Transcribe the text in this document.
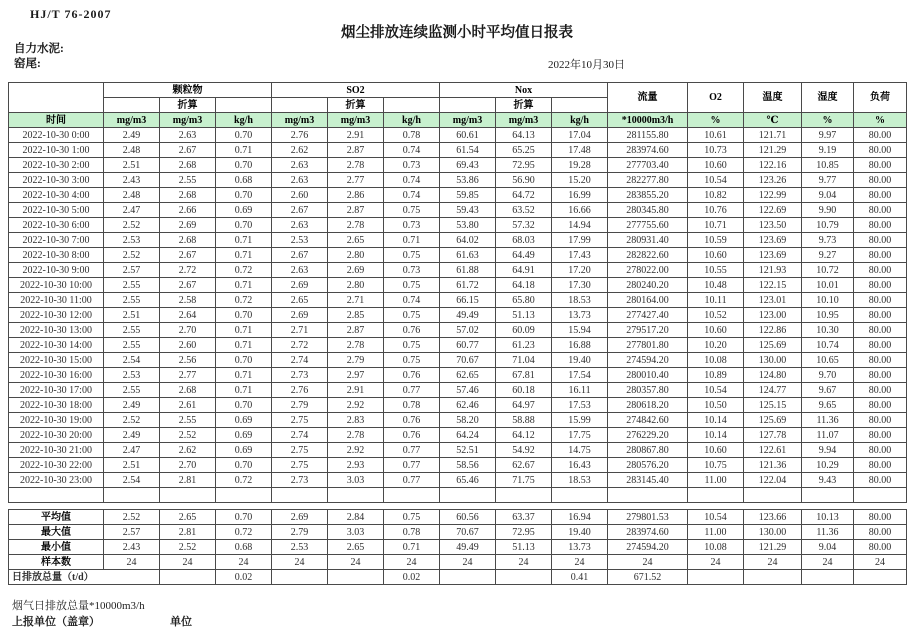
HJ/T 76-2007
烟尘排放连续监测小时平均值日报表
自力水泥:
窑尾:	2022年10月30日
	颗粒物			SO2			Nox			流量	O2	温度	湿度	负荷
		折算			折算			折算						
时间	mg/m3	mg/m3	kg/h	mg/m3	mg/m3	kg/h	mg/m3	mg/m3	kg/h	*10000m3/h	%	℃	%	%
2022-10-30 0:00	2.49	2.63	0.70	2.76	2.91	0.78	60.61	64.13	17.04	281155.80	10.61	121.71	9.97	80.00
2022-10-30 1:00	2.48	2.67	0.71	2.62	2.87	0.74	61.54	65.25	17.48	283974.60	10.73	121.29	9.19	80.00
2022-10-30 2:00	2.51	2.68	0.70	2.63	2.78	0.73	69.43	72.95	19.28	277703.40	10.60	122.16	10.85	80.00
2022-10-30 3:00	2.43	2.55	0.68	2.63	2.77	0.74	53.86	56.90	15.20	282277.80	10.54	123.26	9.77	80.00
2022-10-30 4:00	2.48	2.68	0.70	2.60	2.86	0.74	59.85	64.72	16.99	283855.20	10.82	122.99	9.04	80.00
2022-10-30 5:00	2.47	2.66	0.69	2.67	2.87	0.75	59.43	63.52	16.66	280345.80	10.76	122.69	9.90	80.00
2022-10-30 6:00	2.52	2.69	0.70	2.63	2.78	0.73	53.80	57.32	14.94	277755.60	10.71	123.50	10.79	80.00
2022-10-30 7:00	2.53	2.68	0.71	2.53	2.65	0.71	64.02	68.03	17.99	280931.40	10.59	123.69	9.73	80.00
2022-10-30 8:00	2.52	2.67	0.71	2.67	2.80	0.75	61.63	64.49	17.43	282822.60	10.60	123.69	9.27	80.00
2022-10-30 9:00	2.57	2.72	0.72	2.63	2.69	0.73	61.88	64.91	17.20	278022.00	10.55	121.93	10.72	80.00
2022-10-30 10:00	2.55	2.67	0.71	2.69	2.80	0.75	61.72	64.18	17.30	280240.20	10.48	122.15	10.01	80.00
2022-10-30 11:00	2.55	2.58	0.72	2.65	2.71	0.74	66.15	65.80	18.53	280164.00	10.11	123.01	10.10	80.00
2022-10-30 12:00	2.51	2.64	0.70	2.69	2.85	0.75	49.49	51.13	13.73	277427.40	10.52	123.00	10.95	80.00
2022-10-30 13:00	2.55	2.70	0.71	2.71	2.87	0.76	57.02	60.09	15.94	279517.20	10.60	122.86	10.30	80.00
2022-10-30 14:00	2.55	2.60	0.71	2.72	2.78	0.75	60.77	61.23	16.88	277801.80	10.20	125.69	10.74	80.00
2022-10-30 15:00	2.54	2.56	0.70	2.74	2.79	0.75	70.67	71.04	19.40	274594.20	10.08	130.00	10.65	80.00
2022-10-30 16:00	2.53	2.77	0.71	2.73	2.97	0.76	62.65	67.81	17.54	280010.40	10.89	124.80	9.70	80.00
2022-10-30 17:00	2.55	2.68	0.71	2.76	2.91	0.77	57.46	60.18	16.11	280357.80	10.54	124.77	9.67	80.00
2022-10-30 18:00	2.49	2.61	0.70	2.79	2.92	0.78	62.46	64.97	17.53	280618.20	10.50	125.15	9.65	80.00
2022-10-30 19:00	2.52	2.55	0.69	2.75	2.83	0.76	58.20	58.88	15.99	274842.60	10.14	125.69	11.36	80.00
2022-10-30 20:00	2.49	2.52	0.69	2.74	2.78	0.76	64.24	64.12	17.75	276229.20	10.14	127.78	11.07	80.00
2022-10-30 21:00	2.47	2.62	0.69	2.75	2.92	0.77	52.51	54.92	14.75	280867.80	10.60	122.61	9.94	80.00
2022-10-30 22:00	2.51	2.70	0.70	2.75	2.93	0.77	58.56	62.67	16.43	280576.20	10.75	121.36	10.29	80.00
2022-10-30 23:00	2.54	2.81	0.72	2.73	3.03	0.77	65.46	71.75	18.53	283145.40	11.00	122.04	9.43	80.00

平均值	2.52	2.65	0.70	2.69	2.84	0.75	60.56	63.37	16.94	279801.53	10.54	123.66	10.13	80.00
最大值	2.57	2.81	0.72	2.79	3.03	0.78	70.67	72.95	19.40	283974.60	11.00	130.00	11.36	80.00
最小值	2.43	2.52	0.68	2.53	2.65	0.71	49.49	51.13	13.73	274594.20	10.08	121.29	9.04	80.00
样本数	24	24	24	24	24	24	24	24	24	24	24	24	24	24
日排放总量（t/d）			0.02			0.02			0.41	671.52				
烟气日排放总量*10000m3/h
上报单位（盖章）	单位
